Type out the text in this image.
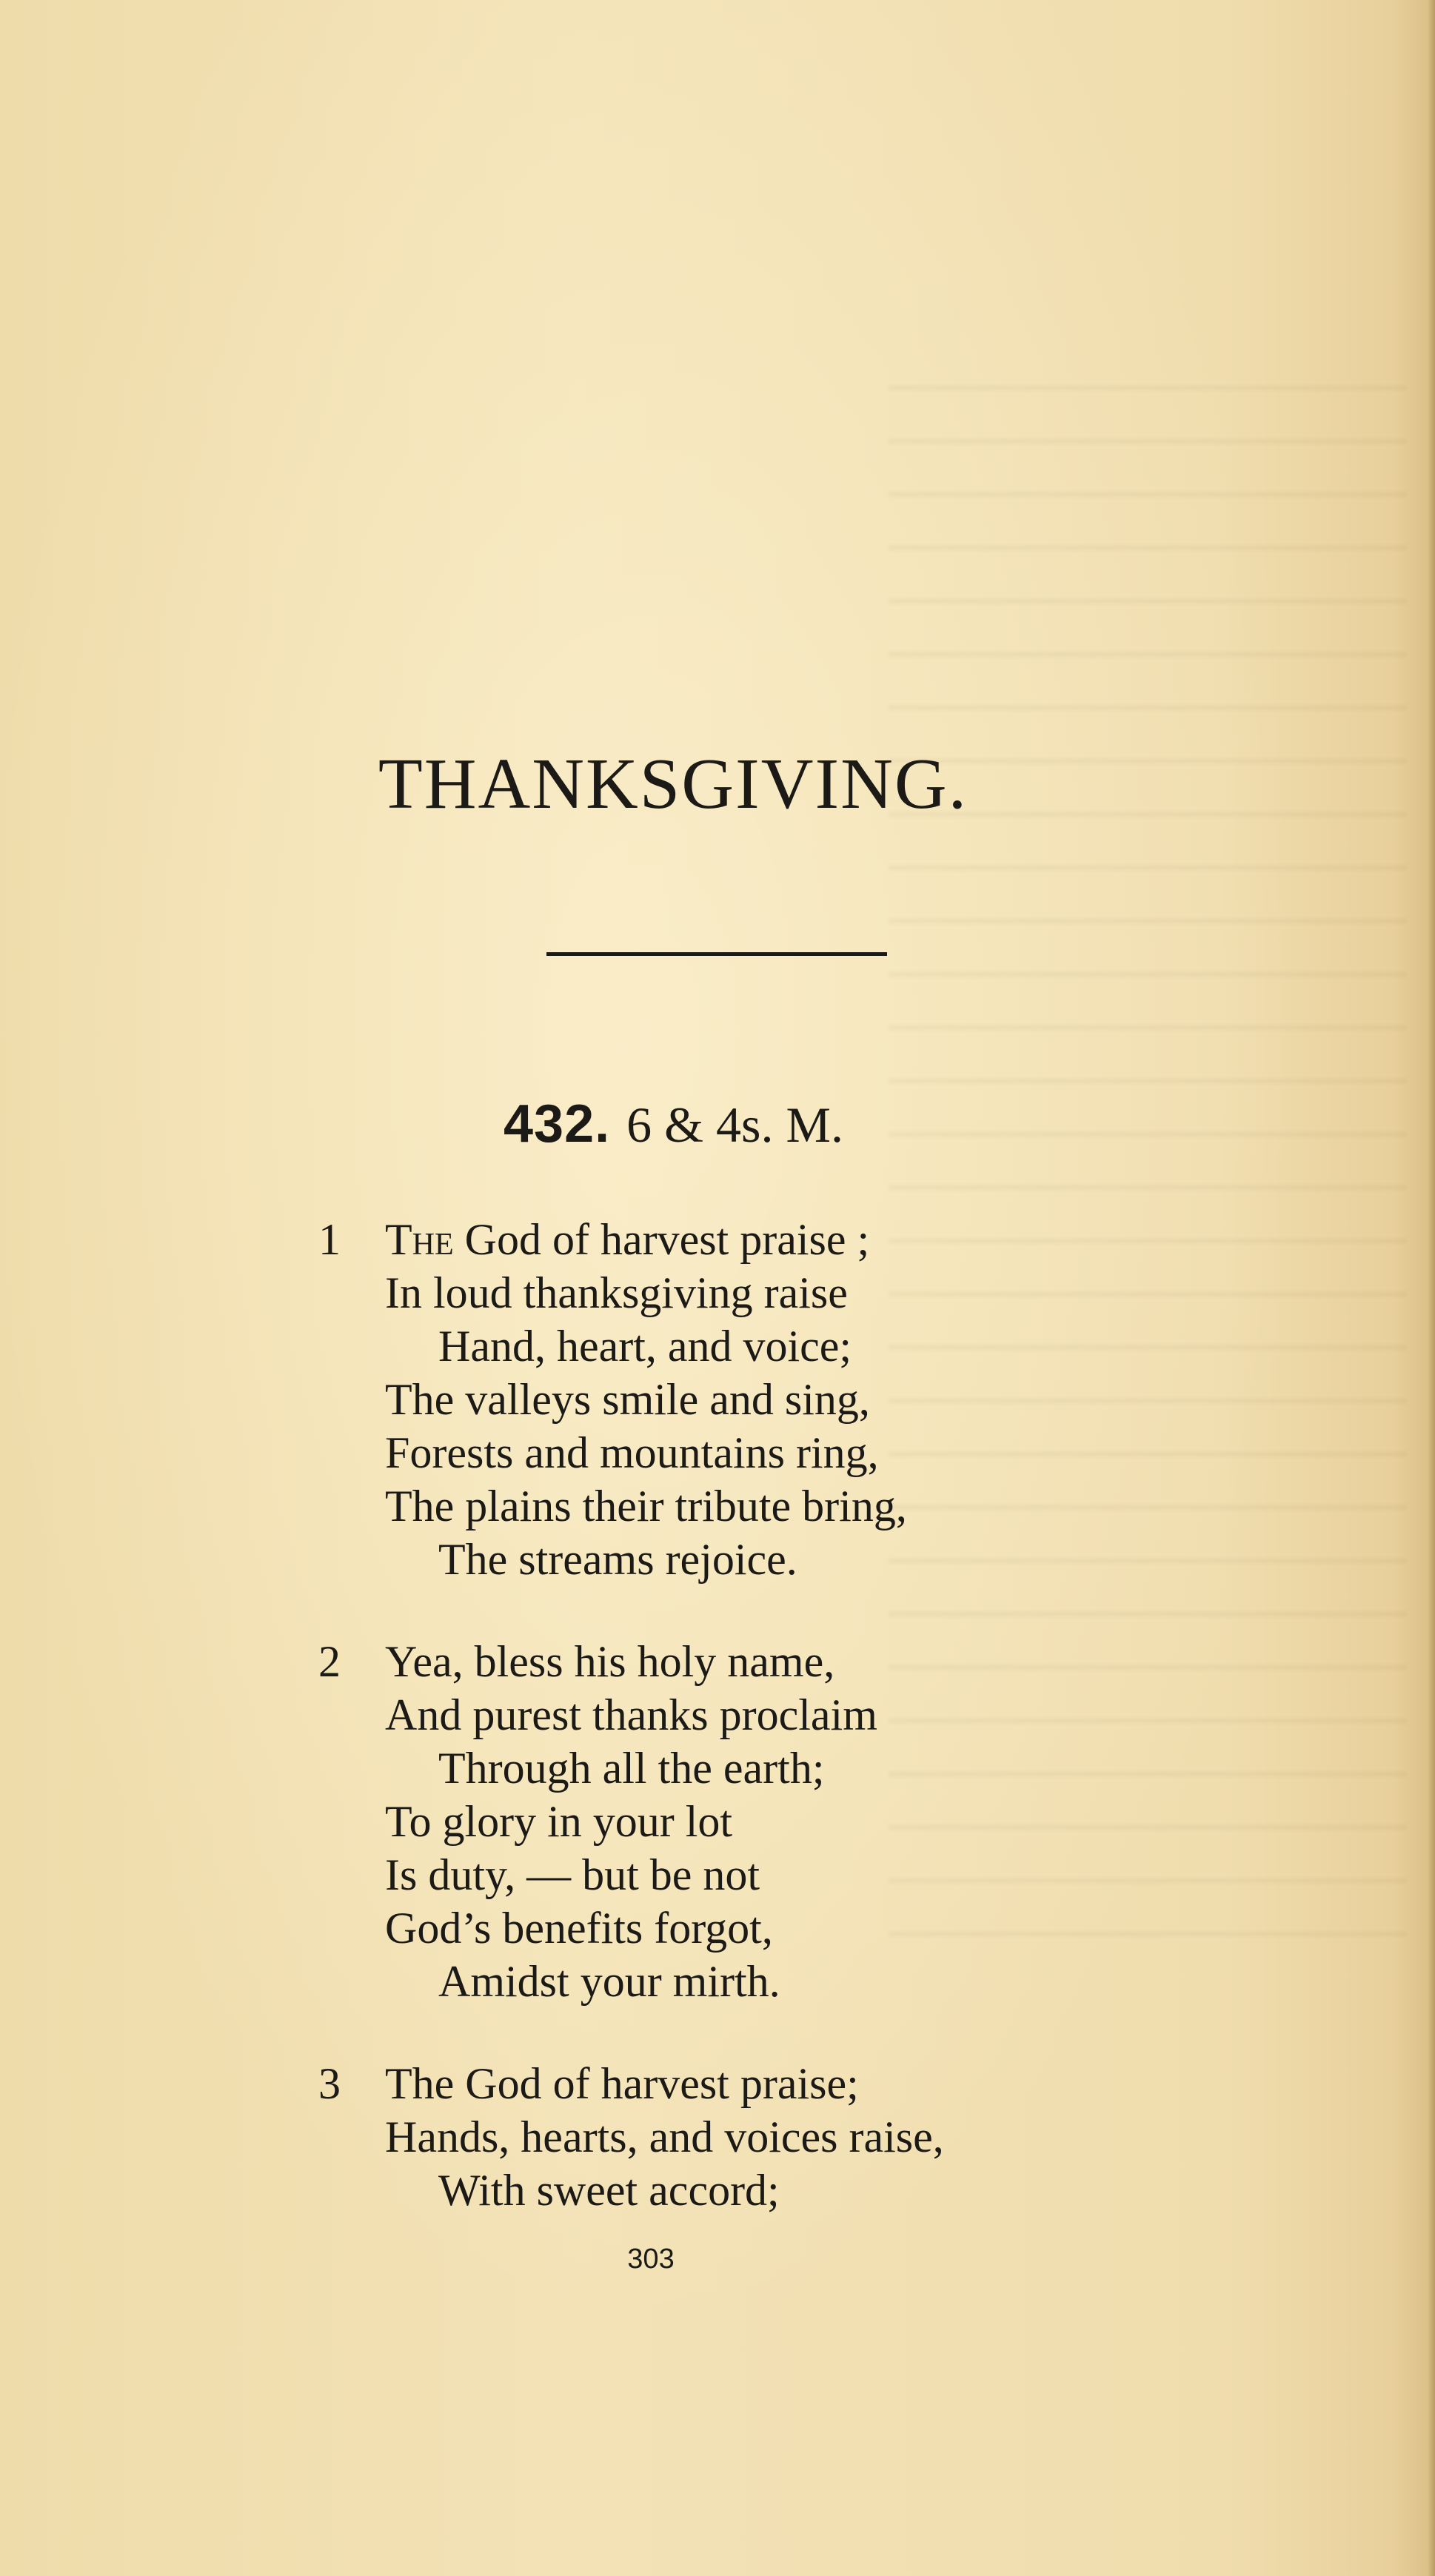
THANKSGIVING.
432. 6 & 4s. M.
1	The God of harvest praise ;
In loud thanksgiving raise
Hand, heart, and voice;
The valleys smile and sing,
Forests and mountains ring,
The plains their tribute bring,
The streams rejoice.
2	Yea, bless his holy name,
And purest thanks proclaim
Through all the earth;
To glory in your lot
Is duty, — but be not
God’s benefits forgot,
Amidst your mirth.
3	The God of harvest praise;
Hands, hearts, and voices raise,
With sweet accord;
303
